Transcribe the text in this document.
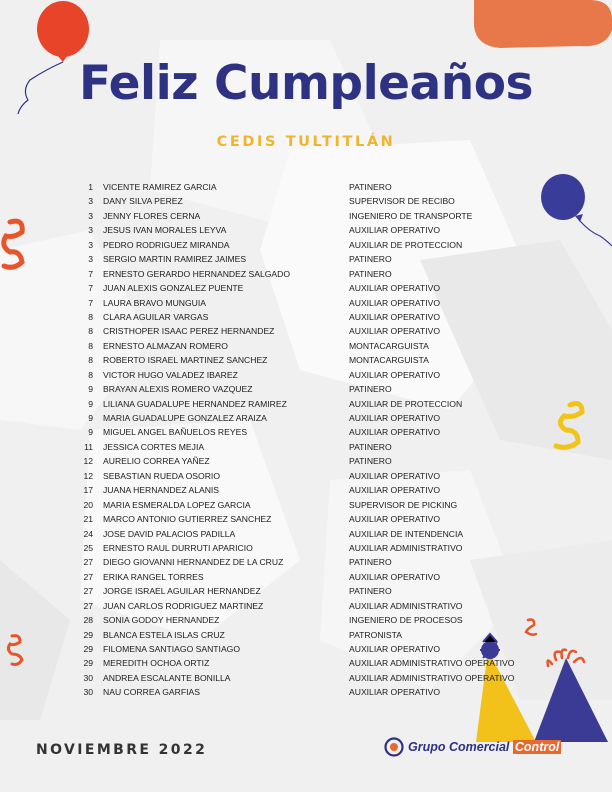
Feliz Cumpleaños
CEDIS TULTITLÁN
1 VICENTE RAMIREZ GARCIA	PATINERO
3 DANY SILVA PEREZ	SUPERVISOR DE RECIBO
3 JENNY FLORES CERNA	INGENIERO DE TRANSPORTE
3 JESUS IVAN MORALES LEYVA	AUXILIAR OPERATIVO
3 PEDRO RODRIGUEZ MIRANDA	AUXILIAR DE PROTECCION
3 SERGIO MARTIN RAMIREZ JAIMES	PATINERO
7 ERNESTO GERARDO HERNANDEZ SALGADO	PATINERO
7 JUAN ALEXIS GONZALEZ PUENTE	AUXILIAR OPERATIVO
7 LAURA BRAVO MUNGUIA	AUXILIAR OPERATIVO
8 CLARA AGUILAR VARGAS	AUXILIAR OPERATIVO
8 CRISTHOPER ISAAC PEREZ HERNANDEZ	AUXILIAR OPERATIVO
8 ERNESTO ALMAZAN ROMERO	MONTACARGUISTA
8 ROBERTO ISRAEL MARTINEZ SANCHEZ	MONTACARGUISTA
8 VICTOR HUGO VALADEZ IBAREZ	AUXILIAR OPERATIVO
9 BRAYAN ALEXIS ROMERO VAZQUEZ	PATINERO
9 LILIANA GUADALUPE HERNANDEZ RAMIREZ	AUXILIAR DE PROTECCION
9 MARIA GUADALUPE GONZALEZ ARAIZA	AUXILIAR OPERATIVO
9 MIGUEL ANGEL BAÑUELOS REYES	AUXILIAR OPERATIVO
11 JESSICA CORTES MEJIA	PATINERO
12 AURELIO CORREA YAÑEZ	PATINERO
12 SEBASTIAN RUEDA OSORIO	AUXILIAR OPERATIVO
17 JUANA HERNANDEZ ALANIS	AUXILIAR OPERATIVO
20 MARIA ESMERALDA LOPEZ GARCIA	SUPERVISOR DE PICKING
21 MARCO ANTONIO GUTIERREZ SANCHEZ	AUXILIAR OPERATIVO
24 JOSE DAVID PALACIOS PADILLA	AUXILIAR DE INTENDENCIA
25 ERNESTO RAUL DURRUTI APARICIO	AUXILIAR ADMINISTRATIVO
27 DIEGO GIOVANNI HERNANDEZ DE LA CRUZ	PATINERO
27 ERIKA RANGEL TORRES	AUXILIAR OPERATIVO
27 JORGE ISRAEL AGUILAR HERNANDEZ	PATINERO
27 JUAN CARLOS RODRIGUEZ MARTINEZ	AUXILIAR ADMINISTRATIVO
28 SONIA GODOY HERNANDEZ	INGENIERO DE PROCESOS
29 BLANCA ESTELA ISLAS CRUZ	PATRONISTA
29 FILOMENA SANTIAGO SANTIAGO	AUXILIAR OPERATIVO
29 MEREDITH OCHOA ORTIZ	AUXILIAR ADMINISTRATIVO OPERATIVO
30 ANDREA ESCALANTE BONILLA	AUXILIAR ADMINISTRATIVO OPERATIVO
30 NAU CORREA GARFIAS	AUXILIAR OPERATIVO
NOVIEMBRE 2022	Grupo Comercial Control
